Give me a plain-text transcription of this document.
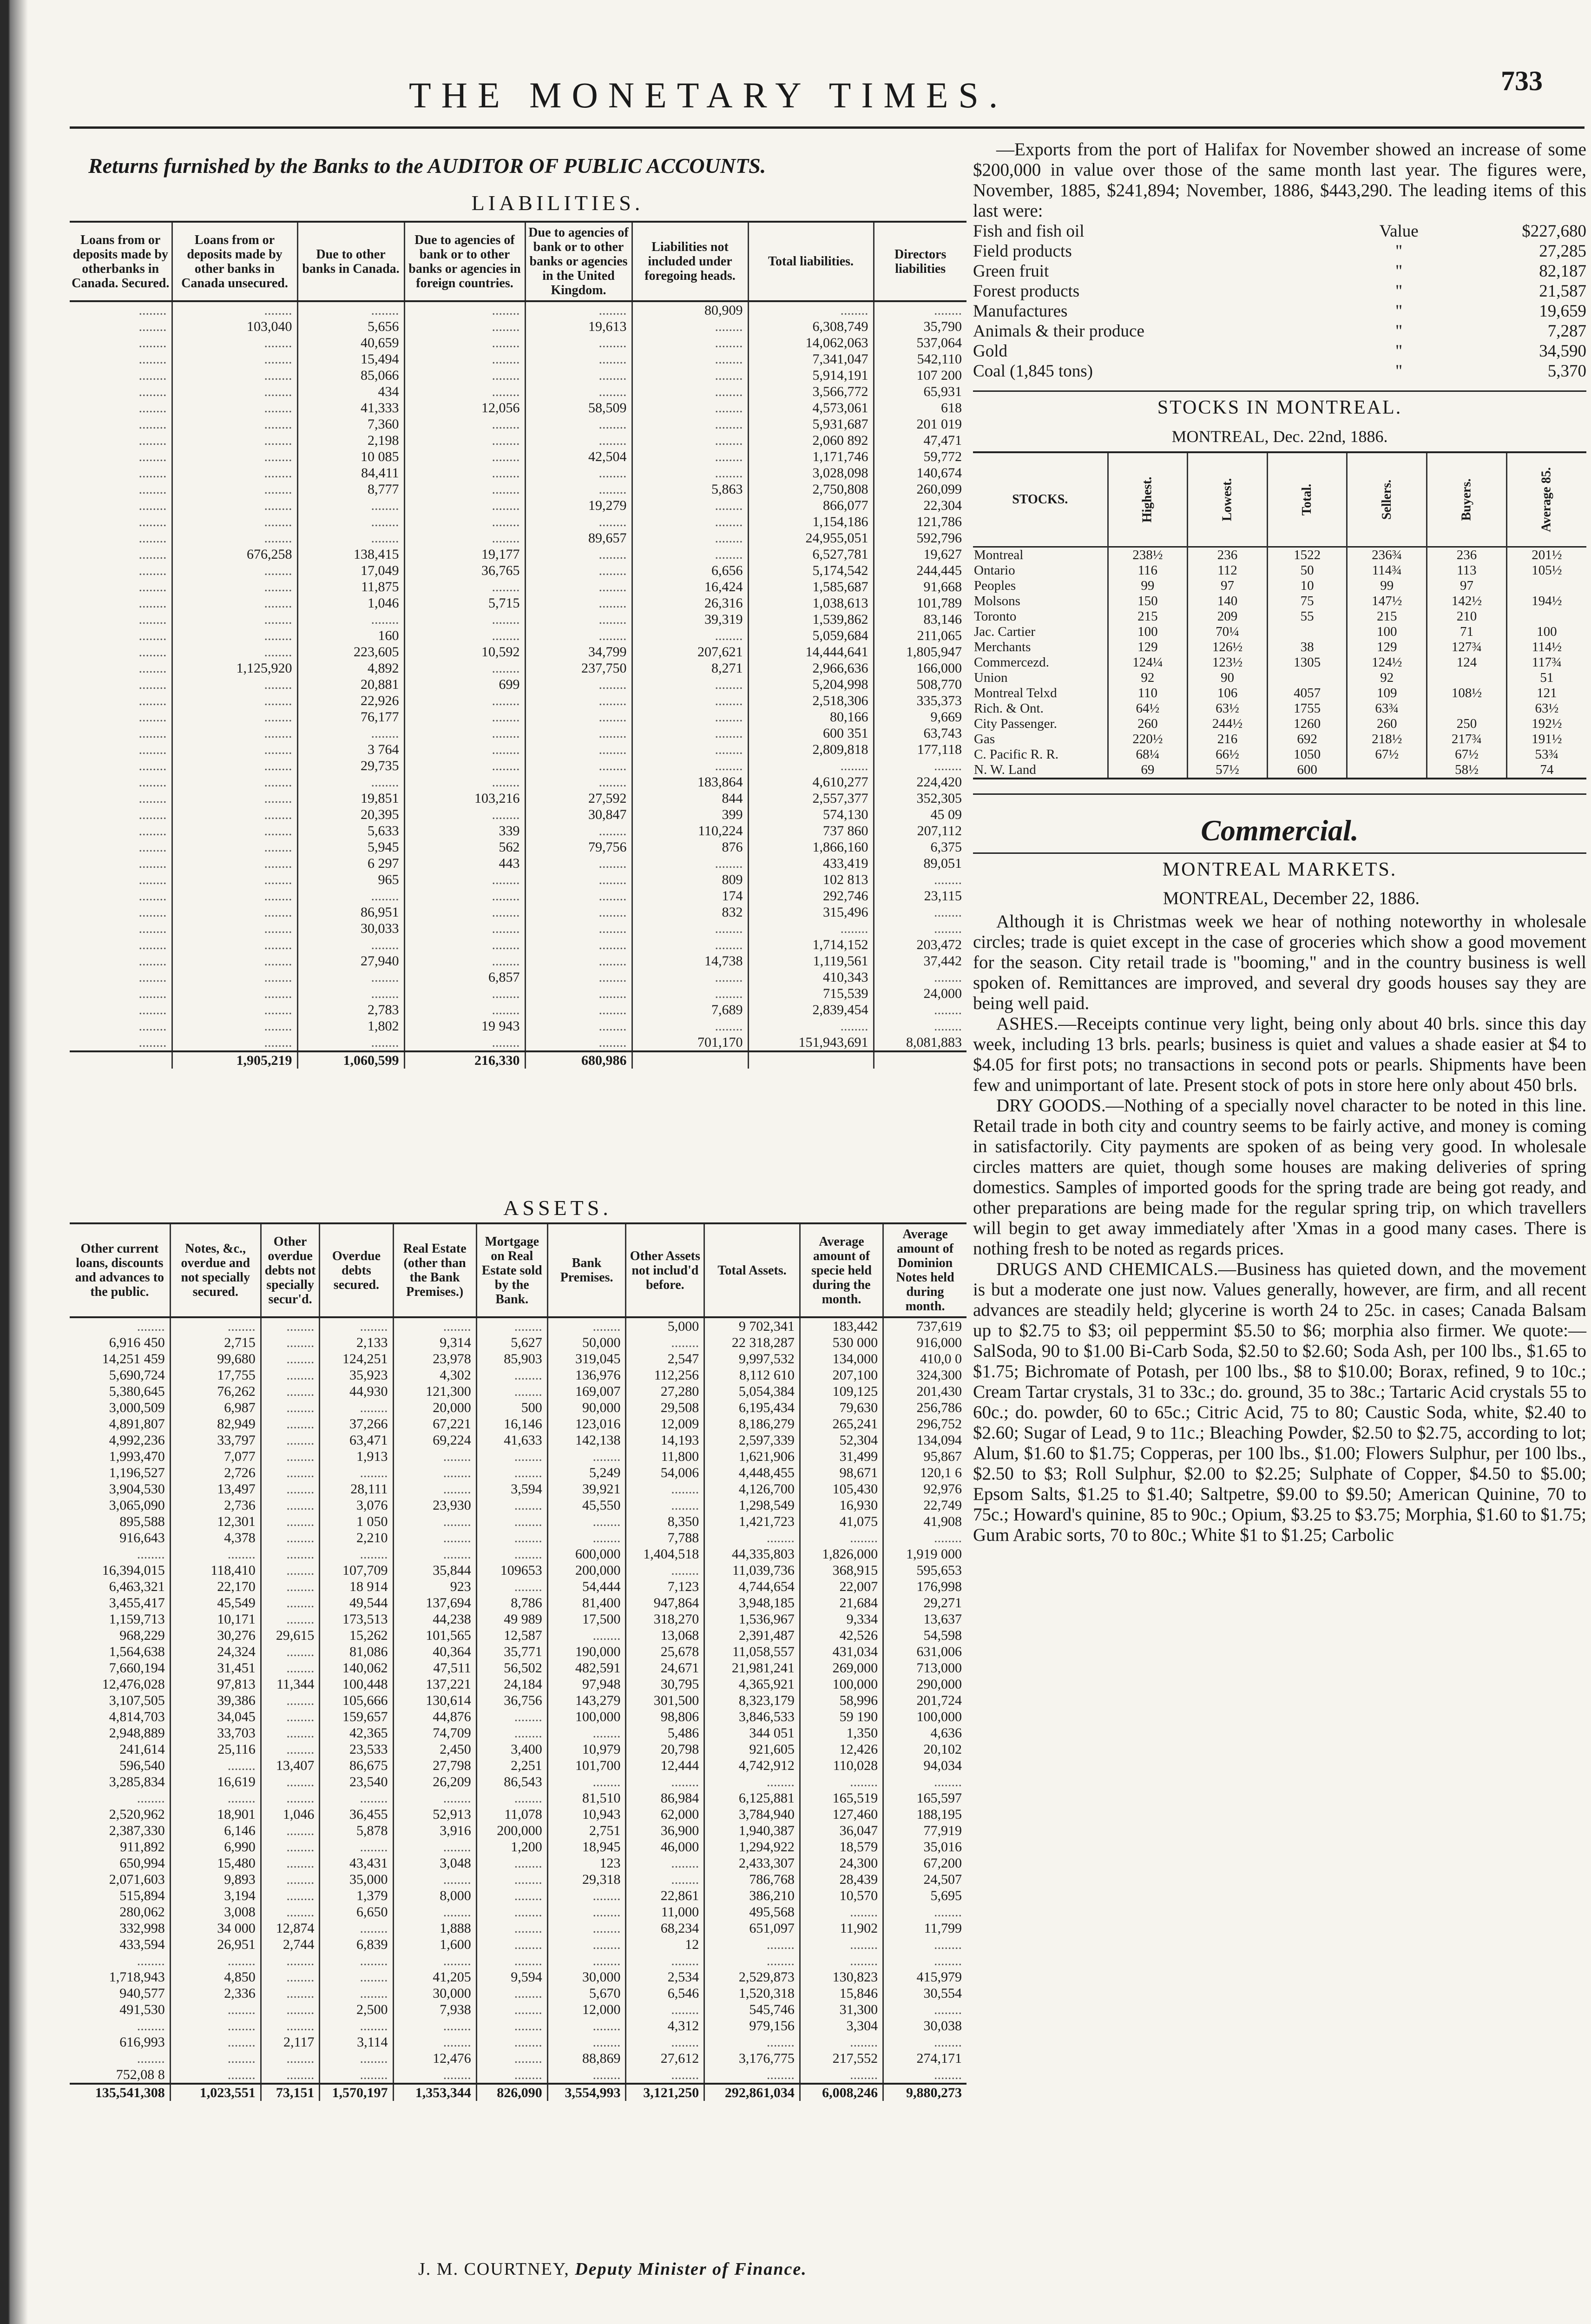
THE MONETARY TIMES.	733
Returns furnished by the Banks to the AUDITOR OF PUBLIC ACCOUNTS.
LIABILITIES.
Loans from or deposits made by otherbanks in Canada. Secured.	Loans from or deposits made by other banks in Canada unsecured.	Due to other banks in Canada.	Due to agencies of bank or to other banks or agencies in foreign countries.	Due to agencies of bank or to other banks or agencies in the United Kingdom.	Liabilities not included under foregoing heads.	Total liabilities.	Directors liabilities
........	........	........	........	........	80,909	........	........
........	103,040	5,656	........	19,613	........	6,308,749	35,790
........	........	40,659	........	........	........	14,062,063	537,064
........	........	15,494	........	........	........	7,341,047	542,110
........	........	85,066	........	........	........	5,914,191	107 200
........	........	434	........	........	........	3,566,772	65,931
........	........	41,333	12,056	58,509	........	4,573,061	618
........	........	7,360	........	........	........	5,931,687	201 019
........	........	2,198	........	........	........	2,060 892	47,471
........	........	10 085	........	42,504	........	1,171,746	59,772
........	........	84,411	........	........	........	3,028,098	140,674
........	........	8,777	........	........	5,863	2,750,808	260,099
........	........	........	........	19,279	........	866,077	22,304
........	........	........	........	........	........	1,154,186	121,786
........	........	........	........	89,657	........	24,955,051	592,796
........	676,258	138,415	19,177	........	........	6,527,781	19,627
........	........	17,049	36,765	........	6,656	5,174,542	244,445
........	........	11,875	........	........	16,424	1,585,687	91,668
........	........	1,046	5,715	........	26,316	1,038,613	101,789
........	........	........	........	........	39,319	1,539,862	83,146
........	........	160	........	........	........	5,059,684	211,065
........	........	223,605	10,592	34,799	207,621	14,444,641	1,805,947
........	1,125,920	4,892	........	237,750	8,271	2,966,636	166,000
........	........	20,881	699	........	........	5,204,998	508,770
........	........	22,926	........	........	........	2,518,306	335,373
........	........	76,177	........	........	........	80,166	9,669
........	........	........	........	........	........	600 351	63,743
........	........	3 764	........	........	........	2,809,818	177,118
........	........	29,735	........	........	........	........	........
........	........	........	........	........	183,864	4,610,277	224,420
........	........	19,851	103,216	27,592	844	2,557,377	352,305
........	........	20,395	........	30,847	399	574,130	45 09
........	........	5,633	339	........	110,224	737 860	207,112
........	........	5,945	562	79,756	876	1,866,160	6,375
........	........	6 297	443	........	........	433,419	89,051
........	........	965	........	........	809	102 813	........
........	........	........	........	........	174	292,746	23,115
........	........	86,951	........	........	832	315,496	........
........	........	30,033	........	........	........	........	........
........	........	........	........	........	........	1,714,152	203,472
........	........	27,940	........	........	14,738	1,119,561	37,442
........	........	........	6,857	........	........	410,343	........
........	........	........	........	........	........	715,539	24,000
........	........	2,783	........	........	7,689	2,839,454	........
........	........	1,802	19 943	........	........	........	........
........	........	........	........	........	701,170	151,943,691	8,081,883
	1,905,219	1,060,599	216,330	680,986			
ASSETS.
Other current loans, discounts and advances to the public.	Notes, &c., overdue and not specially secured.	Other overdue debts not specially secur'd.	Overdue debts secured.	Real Estate (other than the Bank Premises.)	Mortgage on Real Estate sold by the Bank.	Bank Premises.	Other Assets not includ'd before.	Total Assets.	Average amount of specie held during the month.	Average amount of Dominion Notes held during month.
........	........	........	........	........	........	........	5,000	9 702,341	183,442	737,619
6,916 450	2,715	........	2,133	9,314	5,627	50,000	........	22 318,287	530 000	916,000
14,251 459	99,680	........	124,251	23,978	85,903	319,045	2,547	9,997,532	134,000	410,0 0
5,690,724	17,755	........	35,923	4,302	........	136,976	112,256	8,112 610	207,100	324,300
5,380,645	76,262	........	44,930	121,300	........	169,007	27,280	5,054,384	109,125	201,430
3,000,509	6,987	........	........	20,000	500	90,000	29,508	6,195,434	79,630	256,786
4,891,807	82,949	........	37,266	67,221	16,146	123,016	12,009	8,186,279	265,241	296,752
4,992,236	33,797	........	63,471	69,224	41,633	142,138	14,193	2,597,339	52,304	134,094
1,993,470	7,077	........	1,913	........	........	........	11,800	1,621,906	31,499	95,867
1,196,527	2,726	........	........	........	........	5,249	54,006	4,448,455	98,671	120,1 6
3,904,530	13,497	........	28,111	........	3,594	39,921	........	4,126,700	105,430	92,976
3,065,090	2,736	........	3,076	23,930	........	45,550	........	1,298,549	16,930	22,749
895,588	12,301	........	1 050	........	........	........	8,350	1,421,723	41,075	41,908
916,643	4,378	........	2,210	........	........	........	7,788	........	........	........
........	........	........	........	........	........	600,000	1,404,518	44,335,803	1,826,000	1,919 000
16,394,015	118,410	........	107,709	35,844	109653	200,000	........	11,039,736	368,915	595,653
6,463,321	22,170	........	18 914	923	........	54,444	7,123	4,744,654	22,007	176,998
3,455,417	45,549	........	49,544	137,694	8,786	81,400	947,864	3,948,185	21,684	29,271
1,159,713	10,171	........	173,513	44,238	49 989	17,500	318,270	1,536,967	9,334	13,637
968,229	30,276	29,615	15,262	101,565	12,587	........	13,068	2,391,487	42,526	54,598
1,564,638	24,324	........	81,086	40,364	35,771	190,000	25,678	11,058,557	431,034	631,006
7,660,194	31,451	........	140,062	47,511	56,502	482,591	24,671	21,981,241	269,000	713,000
12,476,028	97,813	11,344	100,448	137,221	24,184	97,948	30,795	4,365,921	100,000	290,000
3,107,505	39,386	........	105,666	130,614	36,756	143,279	301,500	8,323,179	58,996	201,724
4,814,703	34,045	........	159,657	44,876	........	100,000	98,806	3,846,533	59 190	100,000
2,948,889	33,703	........	42,365	74,709	........	........	5,486	344 051	1,350	4,636
241,614	25,116	........	23,533	2,450	3,400	10,979	20,798	921,605	12,426	20,102
596,540	........	13,407	86,675	27,798	2,251	101,700	12,444	4,742,912	110,028	94,034
3,285,834	16,619	........	23,540	26,209	86,543	........	........	........	........	........
........	........	........	........	........	........	81,510	86,984	6,125,881	165,519	165,597
2,520,962	18,901	1,046	36,455	52,913	11,078	10,943	62,000	3,784,940	127,460	188,195
2,387,330	6,146	........	5,878	3,916	200,000	2,751	36,900	1,940,387	36,047	77,919
911,892	6,990	........	........	........	1,200	18,945	46,000	1,294,922	18,579	35,016
650,994	15,480	........	43,431	3,048	........	123	........	2,433,307	24,300	67,200
2,071,603	9,893	........	35,000	........	........	29,318	........	786,768	28,439	24,507
515,894	3,194	........	1,379	8,000	........	........	22,861	386,210	10,570	5,695
280,062	3,008	........	6,650	........	........	........	11,000	495,568	........	........
332,998	34 000	12,874	........	1,888	........	........	68,234	651,097	11,902	11,799
433,594	26,951	2,744	6,839	1,600	........	........	12	........	........	........
........	........	........	........	........	........	........	........	........	........	........
1,718,943	4,850	........	........	41,205	9,594	30,000	2,534	2,529,873	130,823	415,979
940,577	2,336	........	........	30,000	........	5,670	6,546	1,520,318	15,846	30,554
491,530	........	........	2,500	7,938	........	12,000	........	545,746	31,300	........
........	........	........	........	........	........	........	4,312	979,156	3,304	30,038
616,993	........	2,117	3,114	........	........	........	........	........	........	........
........	........	........	........	12,476	........	88,869	27,612	3,176,775	217,552	274,171
752,08 8	........	........	........	........	........	........	........	........	........	........
135,541,308	1,023,551	73,151	1,570,197	1,353,344	826,090	3,554,993	3,121,250	292,861,034	6,008,246	9,880,273
J. M. COURTNEY, Deputy Minister of Finance.

—Exports from the port of Halifax for November showed an increase of some $200,000 in value over those of the same month last year. The figures were, November, 1885, $241,894; November, 1886, $443,290. The leading items of this last were:

Fish and fish oil	Value	$227,680
Field products	"	27,285
Green fruit	"	82,187
Forest products	"	21,587
Manufactures	"	19,659
Animals & their produce	"	7,287
Gold	"	34,590
Coal (1,845 tons)	"	5,370
STOCKS IN MONTREAL.
MONTREAL, Dec. 22nd, 1886.
STOCKS.	Highest.	Lowest.	Total.	Sellers.	Buyers.	Average 85.
Montreal	238½	236	1522	236¾	236	201½
Ontario	116	112	50	114¾	113	105½
Peoples	99	97	10	99	97	
Molsons	150	140	75	147½	142½	194½
Toronto	215	209	55	215	210	
Jac. Cartier	100	70¼		100	71	100
Merchants	129	126½	38	129	127¾	114½
Commercezd.	124¼	123½	1305	124½	124	117¾
Union	92	90		92		51
Montreal Telxd	110	106	4057	109	108½	121
Rich. & Ont.	64½	63½	1755	63¾		63½
City Passenger.	260	244½	1260	260	250	192½
Gas	220½	216	692	218½	217¾	191½
C. Pacific R. R.	68¼	66½	1050	67½	67½	53¾
N. W. Land	69	57½	600		58½	74
Commercial.
MONTREAL MARKETS.

MONTREAL, December 22, 1886.

Although it is Christmas week we hear of nothing noteworthy in wholesale circles; trade is quiet except in the case of groceries which show a good movement for the season. City retail trade is "booming," and in the country business is well spoken of. Remittances are improved, and several dry goods houses say they are being well paid.

ASHES.—Receipts continue very light, being only about 40 brls. since this day week, including 13 brls. pearls; business is quiet and values a shade easier at $4 to $4.05 for first pots; no transactions in second pots or pearls. Shipments have been few and unimportant of late. Present stock of pots in store here only about 450 brls.

DRY GOODS.—Nothing of a specially novel character to be noted in this line. Retail trade in both city and country seems to be fairly active, and money is coming in satisfactorily. City payments are spoken of as being very good. In wholesale circles matters are quiet, though some houses are making deliveries of spring domestics. Samples of imported goods for the spring trade are being got ready, and other preparations are being made for the regular spring trip, on which travellers will begin to get away immediately after 'Xmas in a good many cases. There is nothing fresh to be noted as regards prices.

DRUGS AND CHEMICALS.—Business has quieted down, and the movement is but a moderate one just now. Values generally, however, are firm, and all recent advances are steadily held; glycerine is worth 24 to 25c. in cases; Canada Balsam up to $2.75 to $3; oil peppermint $5.50 to $6; morphia also firmer. We quote:—SalSoda, 90 to $1.00 Bi-Carb Soda, $2.50 to $2.60; Soda Ash, per 100 lbs., $1.65 to $1.75; Bichromate of Potash, per 100 lbs., $8 to $10.00; Borax, refined, 9 to 10c.; Cream Tartar crystals, 31 to 33c.; do. ground, 35 to 38c.; Tartaric Acid crystals 55 to 60c.; do. powder, 60 to 65c.; Citric Acid, 75 to 80; Caustic Soda, white, $2.40 to $2.60; Sugar of Lead, 9 to 11c.; Bleaching Powder, $2.50 to $2.75, according to lot; Alum, $1.60 to $1.75; Copperas, per 100 lbs., $1.00; Flowers Sulphur, per 100 lbs., $2.50 to $3; Roll Sulphur, $2.00 to $2.25; Sulphate of Copper, $4.50 to $5.00; Epsom Salts, $1.25 to $1.40; Saltpetre, $9.00 to $9.50; American Quinine, 70 to 75c.; Howard's quinine, 85 to 90c.; Opium, $3.25 to $3.75; Morphia, $1.60 to $1.75; Gum Arabic sorts, 70 to 80c.; White $1 to $1.25; Carbolic
